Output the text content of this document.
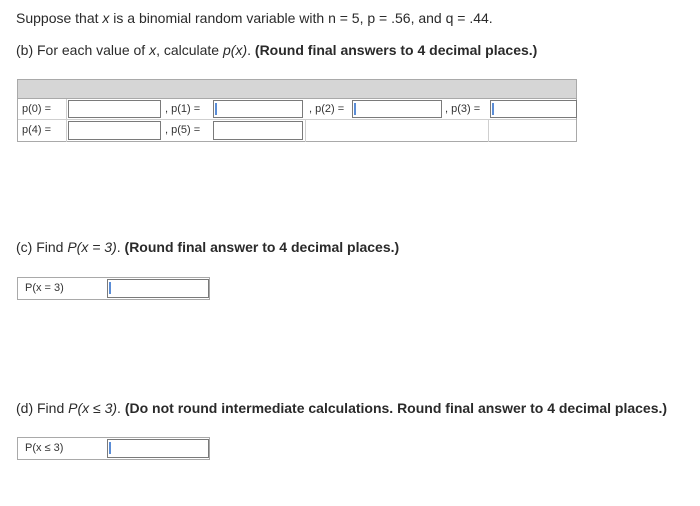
Suppose that x is a binomial random variable with n = 5, p = .56, and q = .44.
(b) For each value of x, calculate p(x). (Round final answers to 4 decimal places.)
p(0) =	, p(1) =	, p(2) =	, p(3) =
p(4) =	, p(5) =
(c) Find P(x = 3). (Round final answer to 4 decimal places.)
P(x = 3)
(d) Find P(x ≤ 3). (Do not round intermediate calculations. Round final answer to 4 decimal places.)
P(x ≤ 3)
